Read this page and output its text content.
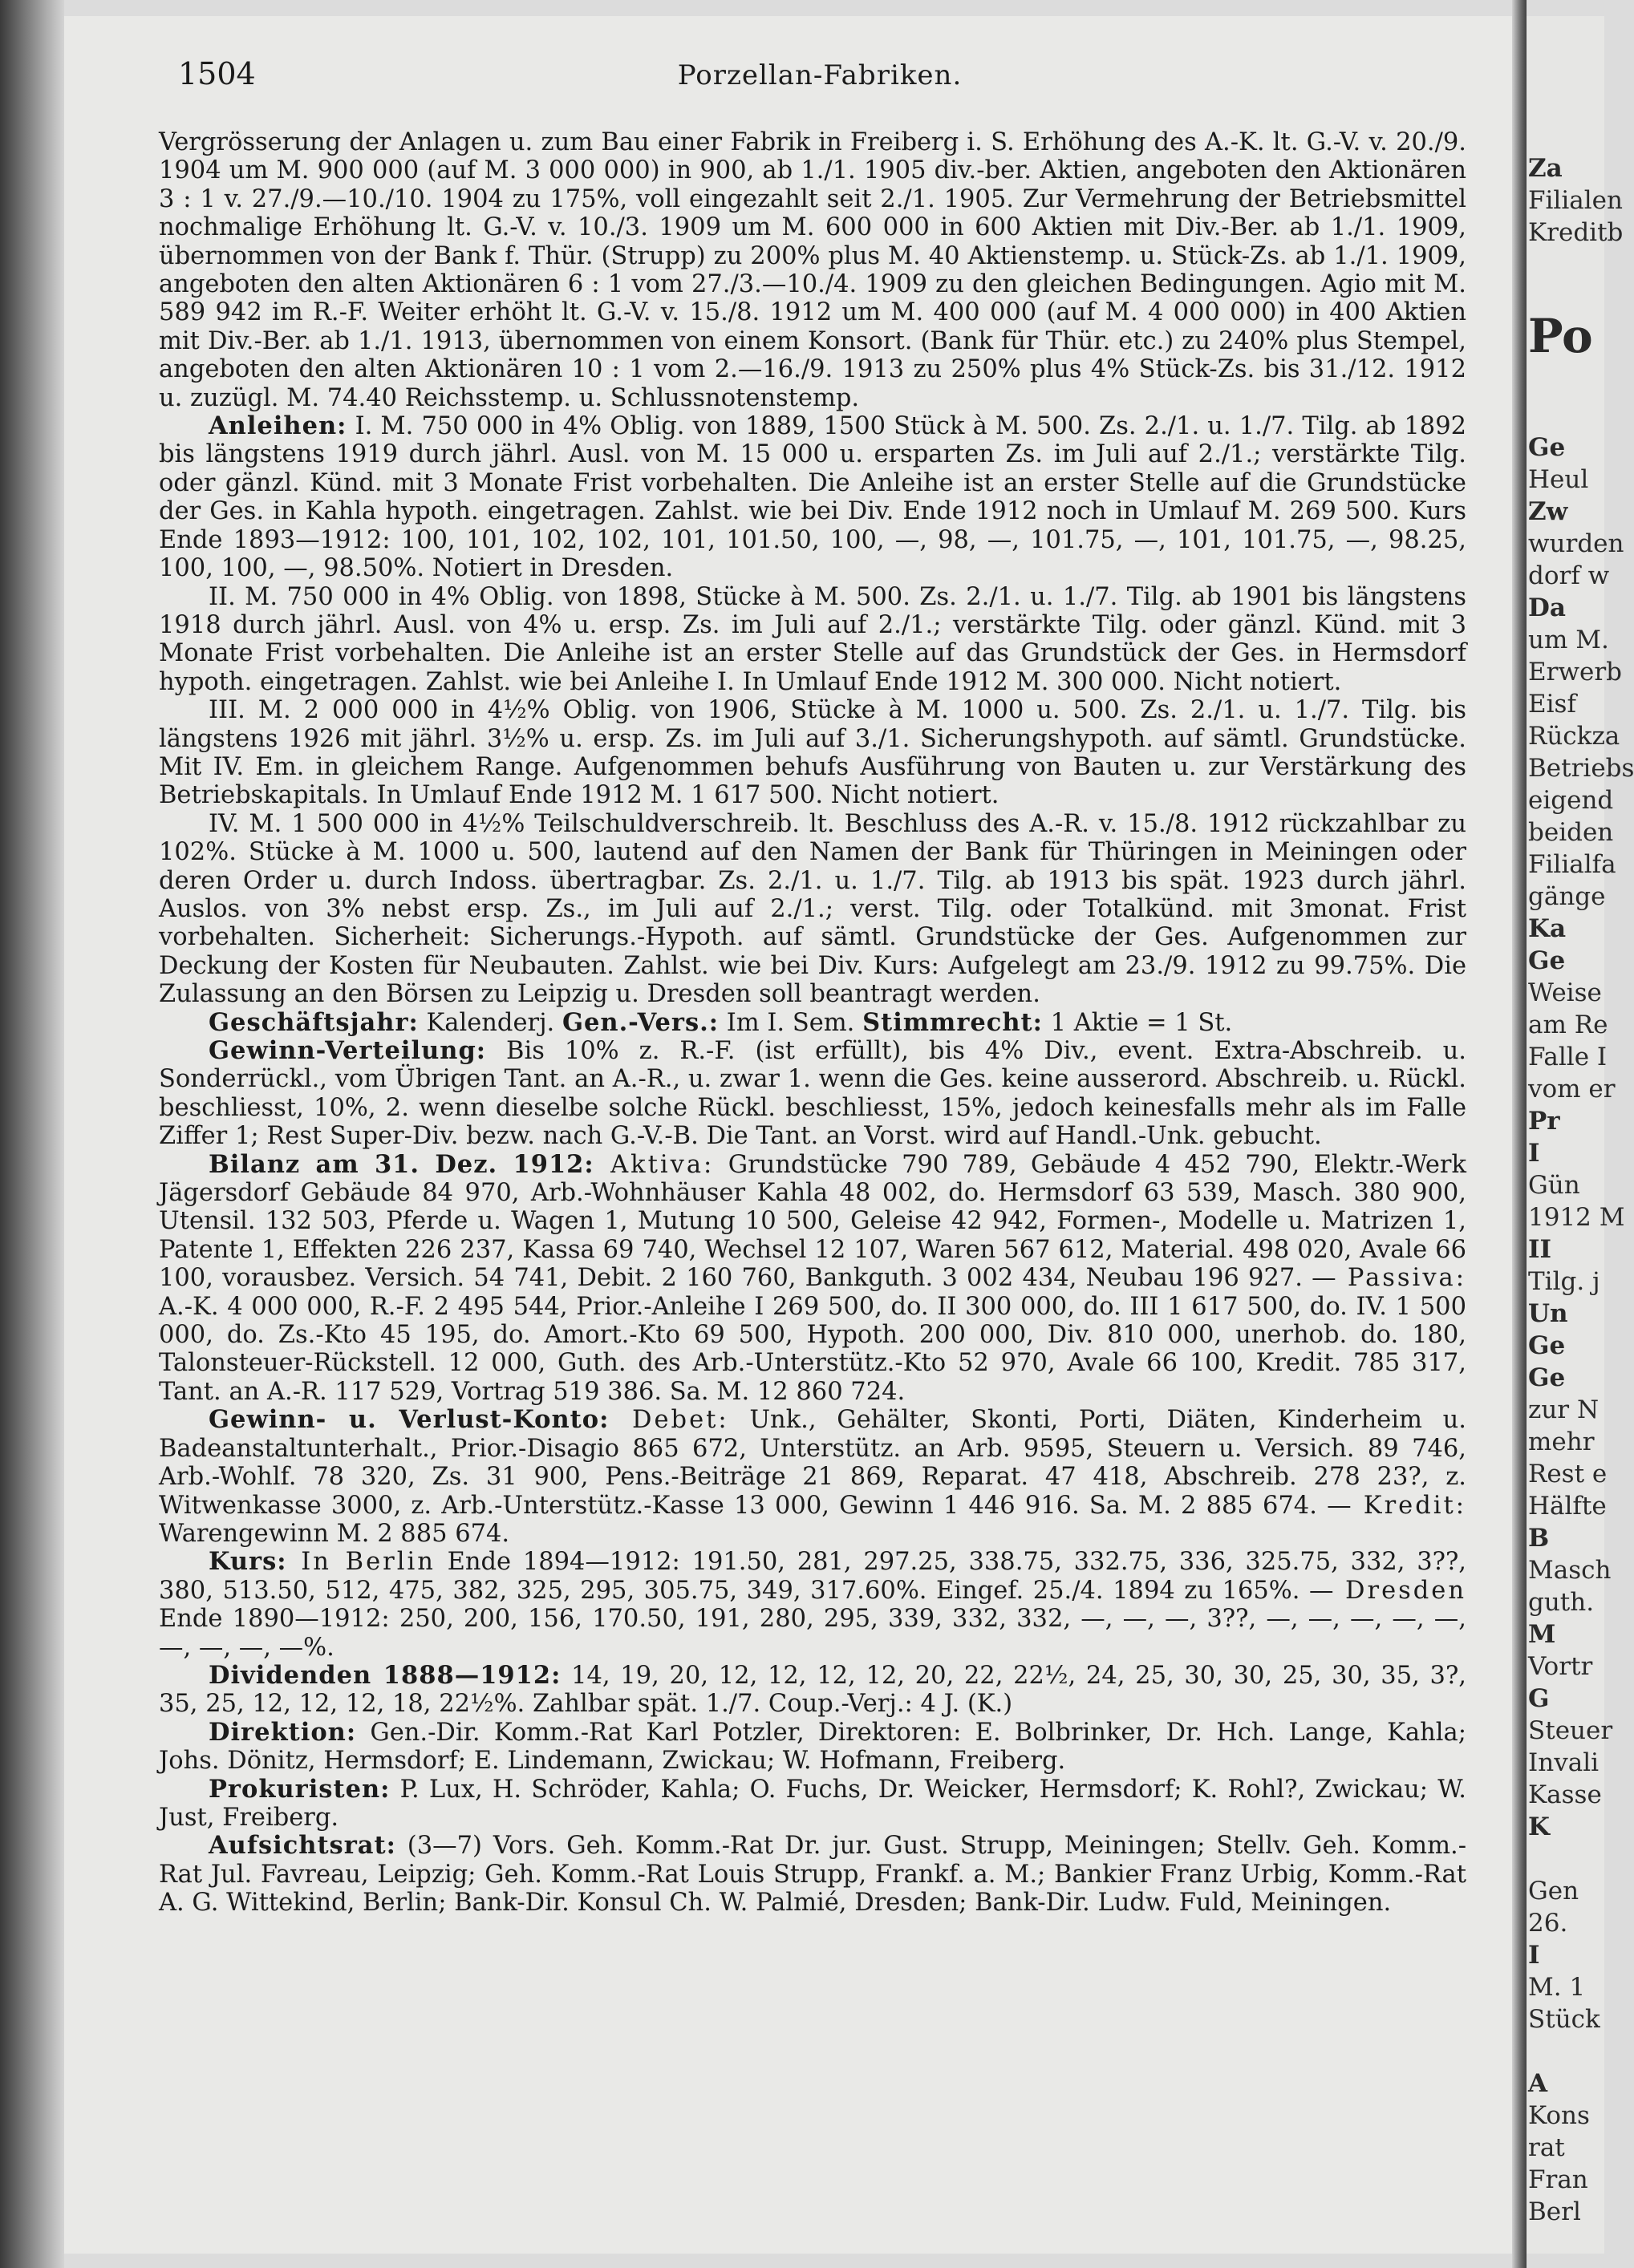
1504	Porzellan-Fabriken.

Vergrösserung der Anlagen u. zum Bau einer Fabrik in Freiberg i. S. Erhöhung des A.-K. lt. G.-V. v. 20./9. 1904 um M. 900 000 (auf M. 3 000 000) in 900, ab 1./1. 1905 div.-ber. Aktien, angeboten den Aktionären 3 : 1 v. 27./9.—10./10. 1904 zu 175%, voll eingezahlt seit 2./1. 1905. Zur Vermehrung der Betriebsmittel nochmalige Erhöhung lt. G.-V. v. 10./3. 1909 um M. 600 000 in 600 Aktien mit Div.-Ber. ab 1./1. 1909, übernommen von der Bank f. Thür. (Strupp) zu 200% plus M. 40 Aktienstemp. u. Stück-Zs. ab 1./1. 1909, angeboten den alten Aktionären 6 : 1 vom 27./3.—10./4. 1909 zu den gleichen Bedingungen. Agio mit M. 589 942 im R.-F. Weiter erhöht lt. G.-V. v. 15./8. 1912 um M. 400 000 (auf M. 4 000 000) in 400 Aktien mit Div.-Ber. ab 1./1. 1913, übernommen von einem Konsort. (Bank für Thür. etc.) zu 240% plus Stempel, angeboten den alten Aktionären 10 : 1 vom 2.—16./9. 1913 zu 250% plus 4% Stück-Zs. bis 31./12. 1912 u. zuzügl. M. 74.40 Reichsstemp. u. Schlussnotenstemp.

Anleihen: I. M. 750 000 in 4% Oblig. von 1889, 1500 Stück à M. 500. Zs. 2./1. u. 1./7. Tilg. ab 1892 bis längstens 1919 durch jährl. Ausl. von M. 15 000 u. ersparten Zs. im Juli auf 2./1.; verstärkte Tilg. oder gänzl. Künd. mit 3 Monate Frist vorbehalten. Die Anleihe ist an erster Stelle auf die Grundstücke der Ges. in Kahla hypoth. eingetragen. Zahlst. wie bei Div. Ende 1912 noch in Umlauf M. 269 500. Kurs Ende 1893—1912: 100, 101, 102, 102, 101, 101.50, 100, —, 98, —, 101.75, —, 101, 101.75, —, 98.25, 100, 100, —, 98.50%. Notiert in Dresden.

II. M. 750 000 in 4% Oblig. von 1898, Stücke à M. 500. Zs. 2./1. u. 1./7. Tilg. ab 1901 bis längstens 1918 durch jährl. Ausl. von 4% u. ersp. Zs. im Juli auf 2./1.; verstärkte Tilg. oder gänzl. Künd. mit 3 Monate Frist vorbehalten. Die Anleihe ist an erster Stelle auf das Grundstück der Ges. in Hermsdorf hypoth. eingetragen. Zahlst. wie bei Anleihe I. In Umlauf Ende 1912 M. 300 000. Nicht notiert.

III. M. 2 000 000 in 4½% Oblig. von 1906, Stücke à M. 1000 u. 500. Zs. 2./1. u. 1./7. Tilg. bis längstens 1926 mit jährl. 3½% u. ersp. Zs. im Juli auf 3./1. Sicherungshypoth. auf sämtl. Grundstücke. Mit IV. Em. in gleichem Range. Aufgenommen behufs Ausführung von Bauten u. zur Verstärkung des Betriebskapitals. In Umlauf Ende 1912 M. 1 617 500. Nicht notiert.

IV. M. 1 500 000 in 4½% Teilschuldverschreib. lt. Beschluss des A.-R. v. 15./8. 1912 rückzahlbar zu 102%. Stücke à M. 1000 u. 500, lautend auf den Namen der Bank für Thüringen in Meiningen oder deren Order u. durch Indoss. übertragbar. Zs. 2./1. u. 1./7. Tilg. ab 1913 bis spät. 1923 durch jährl. Auslos. von 3% nebst ersp. Zs., im Juli auf 2./1.; verst. Tilg. oder Totalkünd. mit 3monat. Frist vorbehalten. Sicherheit: Sicherungs.-Hypoth. auf sämtl. Grundstücke der Ges. Aufgenommen zur Deckung der Kosten für Neubauten. Zahlst. wie bei Div. Kurs: Aufgelegt am 23./9. 1912 zu 99.75%. Die Zulassung an den Börsen zu Leipzig u. Dresden soll beantragt werden.

Geschäftsjahr: Kalenderj. Gen.-Vers.: Im I. Sem. Stimmrecht: 1 Aktie = 1 St.

Gewinn-Verteilung: Bis 10% z. R.-F. (ist erfüllt), bis 4% Div., event. Extra-Abschreib. u. Sonderrückl., vom Übrigen Tant. an A.-R., u. zwar 1. wenn die Ges. keine ausserord. Abschreib. u. Rückl. beschliesst, 10%, 2. wenn dieselbe solche Rückl. beschliesst, 15%, jedoch keinesfalls mehr als im Falle Ziffer 1; Rest Super-Div. bezw. nach G.-V.-B. Die Tant. an Vorst. wird auf Handl.-Unk. gebucht.

Bilanz am 31. Dez. 1912: Aktiva: Grundstücke 790 789, Gebäude 4 452 790, Elektr.-Werk Jägersdorf Gebäude 84 970, Arb.-Wohnhäuser Kahla 48 002, do. Hermsdorf 63 539, Masch. 380 900, Utensil. 132 503, Pferde u. Wagen 1, Mutung 10 500, Geleise 42 942, Formen-, Modelle u. Matrizen 1, Patente 1, Effekten 226 237, Kassa 69 740, Wechsel 12 107, Waren 567 612, Material. 498 020, Avale 66 100, vorausbez. Versich. 54 741, Debit. 2 160 760, Bankguth. 3 002 434, Neubau 196 927. — Passiva: A.-K. 4 000 000, R.-F. 2 495 544, Prior.-Anleihe I 269 500, do. II 300 000, do. III 1 617 500, do. IV. 1 500 000, do. Zs.-Kto 45 195, do. Amort.-Kto 69 500, Hypoth. 200 000, Div. 810 000, unerhob. do. 180, Talonsteuer-Rückstell. 12 000, Guth. des Arb.-Unterstütz.-Kto 52 970, Avale 66 100, Kredit. 785 317, Tant. an A.-R. 117 529, Vortrag 519 386. Sa. M. 12 860 724.

Gewinn- u. Verlust-Konto: Debet: Unk., Gehälter, Skonti, Porti, Diäten, Kinderheim u. Badeanstaltunterhalt., Prior.-Disagio 865 672, Unterstütz. an Arb. 9595, Steuern u. Versich. 89 746, Arb.-Wohlf. 78 320, Zs. 31 900, Pens.-Beiträge 21 869, Reparat. 47 418, Abschreib. 278 23?, z. Witwenkasse 3000, z. Arb.-Unterstütz.-Kasse 13 000, Gewinn 1 446 916. Sa. M. 2 885 674. — Kredit: Warengewinn M. 2 885 674.

Kurs: In Berlin Ende 1894—1912: 191.50, 281, 297.25, 338.75, 332.75, 336, 325.75, 332, 3??, 380, 513.50, 512, 475, 382, 325, 295, 305.75, 349, 317.60%. Eingef. 25./4. 1894 zu 165%. — Dresden Ende 1890—1912: 250, 200, 156, 170.50, 191, 280, 295, 339, 332, 332, —, —, —, 3??, —, —, —, —, —, —, —, —, —%.

Dividenden 1888—1912: 14, 19, 20, 12, 12, 12, 12, 20, 22, 22½, 24, 25, 30, 30, 25, 30, 35, 3?, 35, 25, 12, 12, 12, 18, 22½%. Zahlbar spät. 1./7. Coup.-Verj.: 4 J. (K.)

Direktion: Gen.-Dir. Komm.-Rat Karl Potzler, Direktoren: E. Bolbrinker, Dr. Hch. Lange, Kahla; Johs. Dönitz, Hermsdorf; E. Lindemann, Zwickau; W. Hofmann, Freiberg.

Prokuristen: P. Lux, H. Schröder, Kahla; O. Fuchs, Dr. Weicker, Hermsdorf; K. Rohl?, Zwickau; W. Just, Freiberg.

Aufsichtsrat: (3—7) Vors. Geh. Komm.-Rat Dr. jur. Gust. Strupp, Meiningen; Stellv. Geh. Komm.-Rat Jul. Favreau, Leipzig; Geh. Komm.-Rat Louis Strupp, Frankf. a. M.; Bankier Franz Urbig, Komm.-Rat A. G. Wittekind, Berlin; Bank-Dir. Konsul Ch. W. Palmié, Dresden; Bank-Dir. Ludw. Fuld, Meiningen.

Za
Filialen
Kreditb

Po

Ge
Heul
Zw
wurden
dorf w
Da
um M.
Erwerb
Eisf
Rückza
Betriebs
eigend
beiden
Filialfa
gänge
Ka
Ge
Weise
am Re
Falle I
vom er
Pr
I
Gün
1912 M
II
Tilg. j
Un
Ge
Ge
zur N
mehr
Rest e
Hälfte
B
Masch
guth.
M
Vortr
G
Steuer
Invali
Kasse
K

Gen
26.
I
M. 1
Stück

A
Kons
rat
Fran
Berl
